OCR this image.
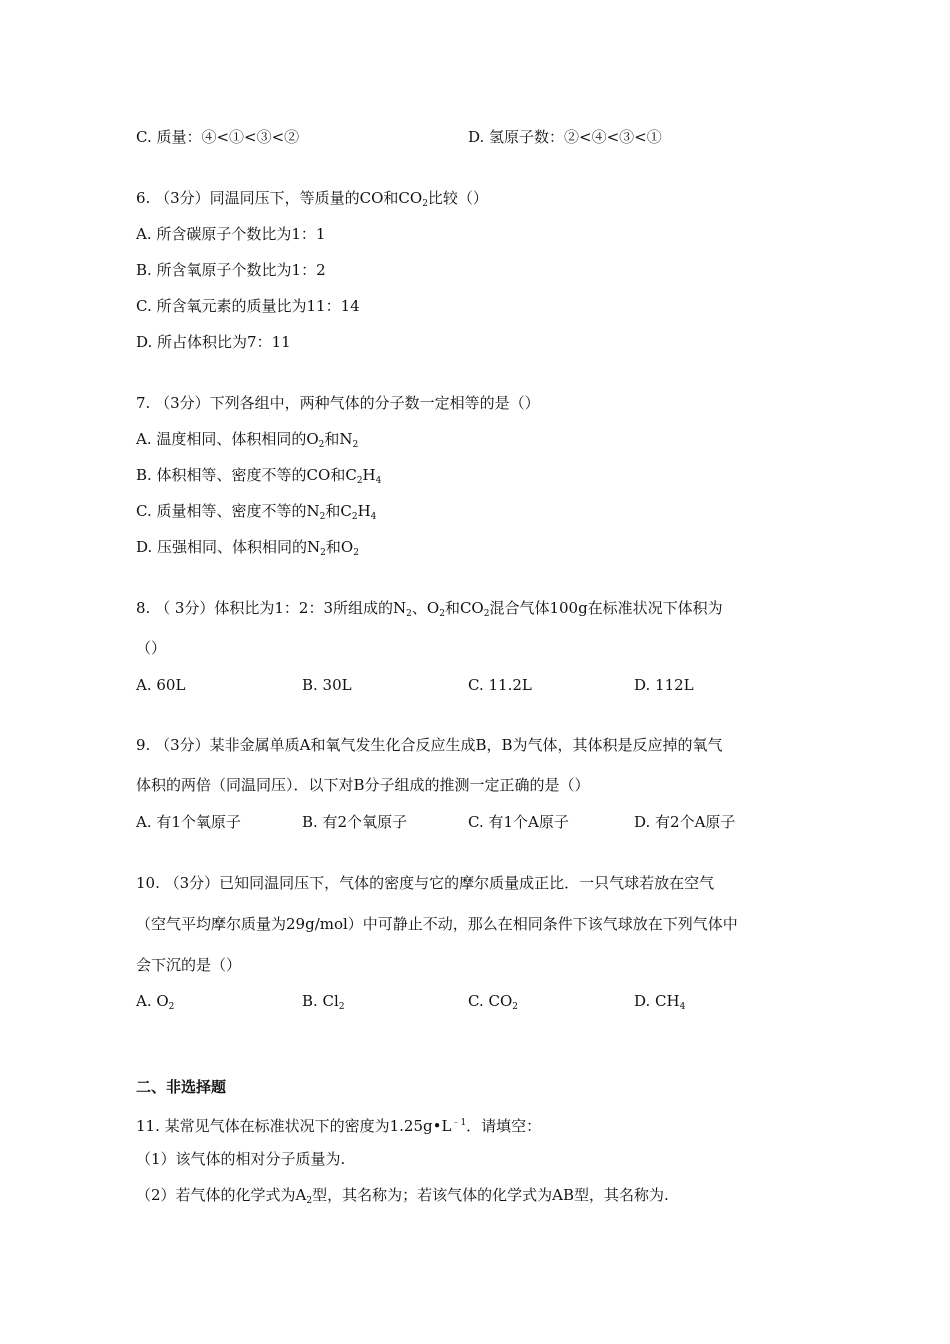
C. 质量：④<①<③<②	D. 氢原子数：②<④<③<①
6. （3分）同温同压下，等质量的CO和$CO_2$比较（）
A. 所含碳原子个数比为1：1
B. 所含氧原子个数比为1：2
C. 所含氧元素的质量比为11：14
D. 所占体积比为7：11
7. （3分）下列各组中，两种气体的分子数一定相等的是（）
A. 温度相同、体积相同的$O_2$和$N_2$
B. 体积相等、密度不等的CO和$C_2H_4$
C. 质量相等、密度不等的$N_2$和$C_2H_4$
D. 压强相同、体积相同的$N_2$和$O_2$
8. （ 3分）体积比为1：2：3所组成的$N_2$、$O_2$和$CO_2$混合气体100g在标准状况下体积为
（）
A. 60L	B. 30L	C. 11.2L	D. 112L
9. （3分）某非金属单质A和氧气发生化合反应生成B，B为气体，其体积是反应掉的氧气
体积的两倍（同温同压）．以下对B分子组成的推测一定正确的是（）
A. 有1个氧原子	B. 有2个氧原子	C. 有1个A原子	D. 有2个A原子
10. （3分）已知同温同压下，气体的密度与它的摩尔质量成正比．一只气球若放在空气
（空气平均摩尔质量为29g/mol）中可静止不动，那么在相同条件下该气球放在下列气体中
会下沉的是（）
A. $O_2$	B. $Cl_2$	C. $CO_2$	D. $CH_4$
二、非选择题
11. 某常见气体在标准状况下的密度为$1.25g•L^{﹣1}$．请填空：
（1）该气体的相对分子质量为.
（2）若气体的化学式为$A_2$型，其名称为；若该气体的化学式为AB型，其名称为.
